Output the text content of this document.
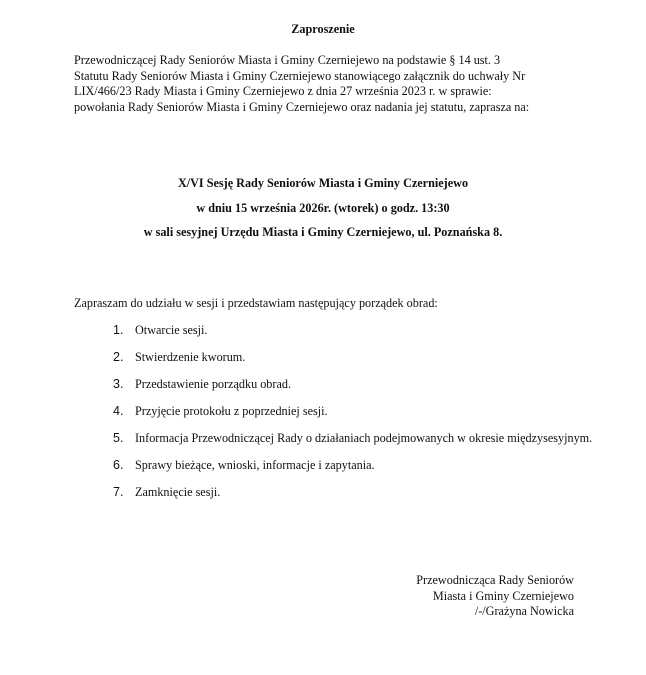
Zaproszenie
Przewodniczącej Rady Seniorów Miasta i Gminy Czerniejewo na podstawie § 14 ust. 3
Statutu Rady Seniorów Miasta i Gminy Czerniejewo stanowiącego załącznik do uchwały Nr
LIX/466/23 Rady Miasta i Gminy Czerniejewo z dnia 27 września 2023 r. w sprawie:
powołania Rady Seniorów Miasta i Gminy Czerniejewo oraz nadania jej statutu, zaprasza na:
X/VI Sesję Rady Seniorów Miasta i Gminy Czerniejewo
w dniu 15 września 2026r. (wtorek) o godz. 13:30
w sali sesyjnej Urzędu Miasta i Gminy Czerniejewo, ul. Poznańska 8.
Zapraszam do udziału w sesji i przedstawiam następujący porządek obrad:
1. Otwarcie sesji.
2. Stwierdzenie kworum.
3. Przedstawienie porządku obrad.
4. Przyjęcie protokołu z poprzedniej sesji.
5. Informacja Przewodniczącej Rady o działaniach podejmowanych w okresie międzysesyjnym.
6. Sprawy bieżące, wnioski, informacje i zapytania.
7. Zamknięcie sesji.
Przewodnicząca Rady Seniorów
Miasta i Gminy Czerniejewo
/-/Grażyna Nowicka
